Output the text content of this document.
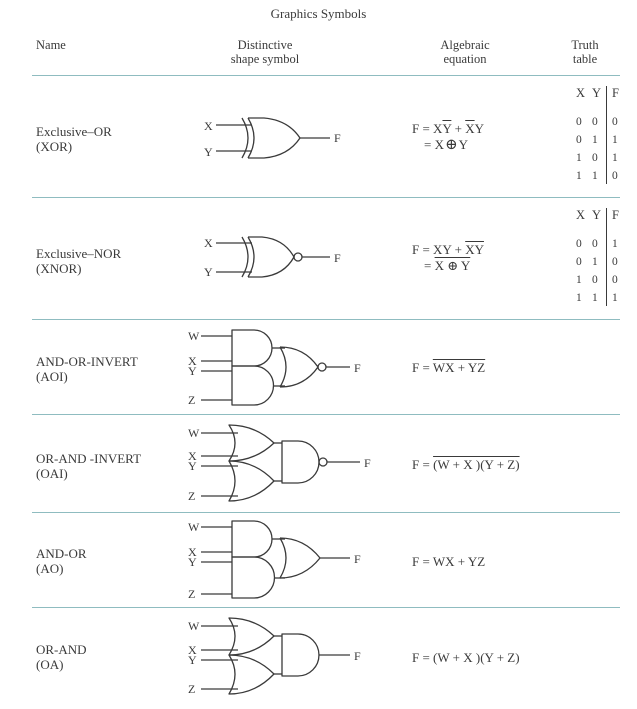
Graphics Symbols
Name	Distinctive
shape symbol
Algebraic
equation
Truth
table
Exclusive–OR
(XOR)
Exclusive–NOR
(XNOR)
AND-OR-INVERT
(AOI)
OR-AND -INVERT
(OAI)
AND-OR
(AO)
OR-AND
(OA)
$F = X\overline{Y} + \overline{X}Y$
= X⊕Y
F = XY + $\overline{XY}$
= X ⊕ Y
F = WX + YZ
F = (W + X )(Y + Z)
F = WX + YZ
F = (W + X )(Y + Z)
X
Y
F
X
Y
F
W
X
Y
Z
F
W
X
Y
Z
F
W
X
Y
Z
F
W
X
Y
Z
F
X Y F
0 0 0
0 1 1
1 0 1
1 1 0
X Y F
0 0 1
0 1 0
1 0 0
1 1 1
